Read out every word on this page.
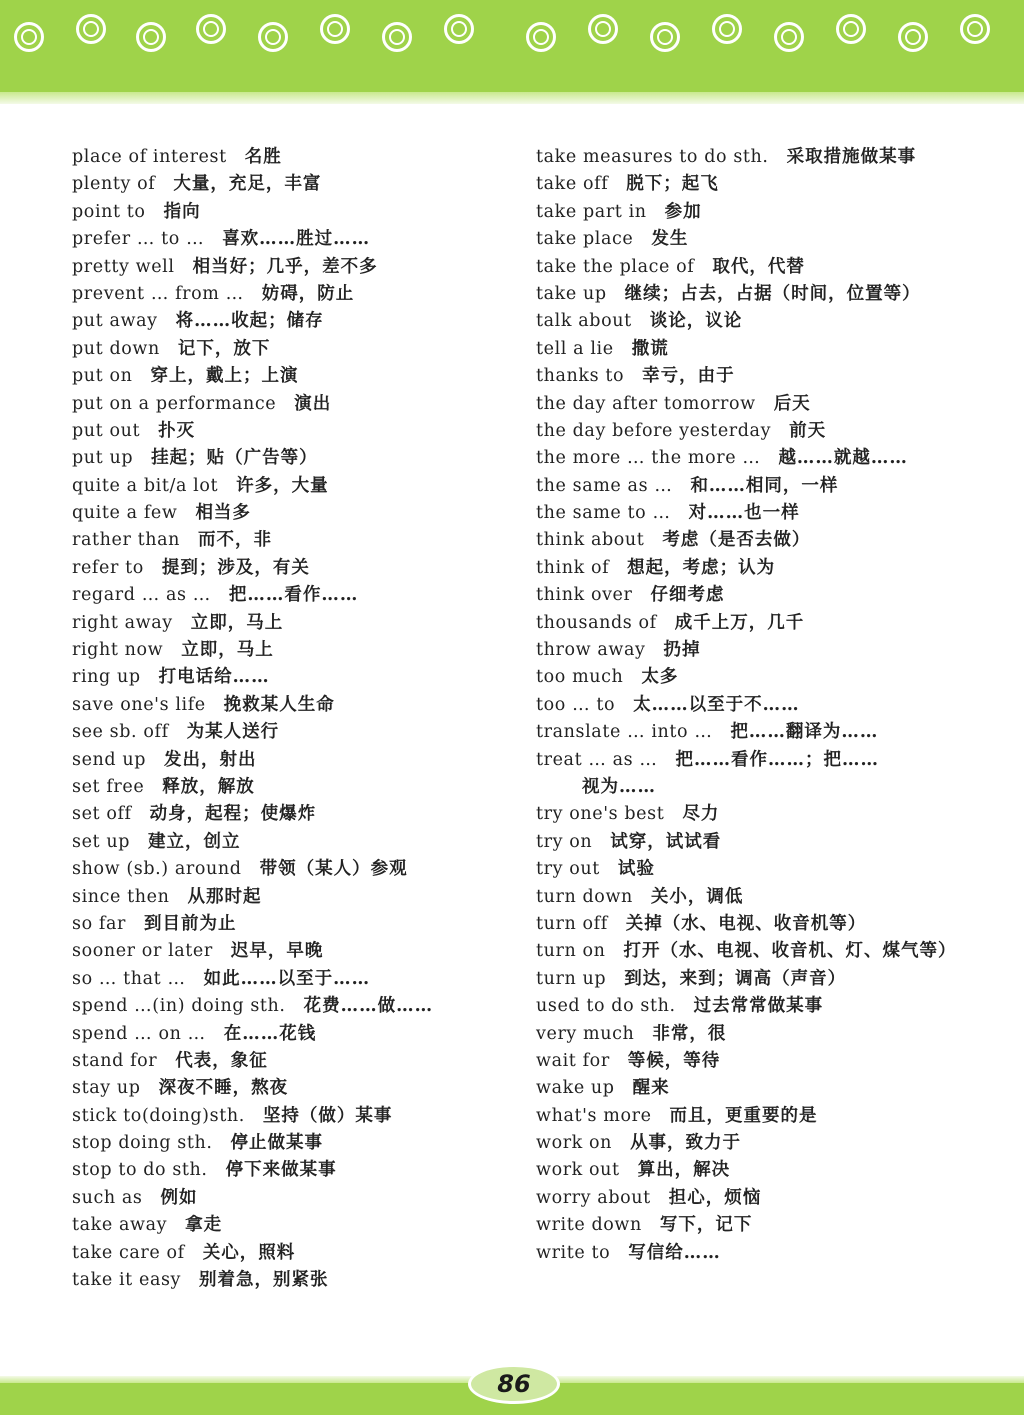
place of interest 名胜
plenty of 大量，充足，丰富
point to 指向
prefer … to … 喜欢……胜过……
pretty well 相当好；几乎，差不多
prevent … from … 妨碍，防止
put away 将……收起；储存
put down 记下，放下
put on 穿上，戴上；上演
put on a performance 演出
put out 扑灭
put up 挂起；贴（广告等）
quite a bit/a lot 许多，大量
quite a few 相当多
rather than 而不，非
refer to 提到；涉及，有关
regard … as … 把……看作……
right away 立即，马上
right now 立即，马上
ring up 打电话给……
save one's life 挽救某人生命
see sb. off 为某人送行
send up 发出，射出
set free 释放，解放
set off 动身，起程；使爆炸
set up 建立，创立
show (sb.) around 带领（某人）参观
since then 从那时起
so far 到目前为止
sooner or later 迟早，早晚
so … that … 如此……以至于……
spend …(in) doing sth. 花费……做……
spend … on … 在……花钱
stand for 代表，象征
stay up 深夜不睡，熬夜
stick to(doing)sth. 坚持（做）某事
stop doing sth. 停止做某事
stop to do sth. 停下来做某事
such as 例如
take away 拿走
take care of 关心，照料
take it easy 别着急，别紧张
take measures to do sth. 采取措施做某事
take off 脱下；起飞
take part in 参加
take place 发生
take the place of 取代，代替
take up 继续；占去，占据（时间，位置等）
talk about 谈论，议论
tell a lie 撒谎
thanks to 幸亏，由于
the day after tomorrow 后天
the day before yesterday 前天
the more … the more … 越……就越……
the same as … 和……相同，一样
the same to … 对……也一样
think about 考虑（是否去做）
think of 想起，考虑；认为
think over 仔细考虑
thousands of 成千上万，几千
throw away 扔掉
too much 太多
too … to 太……以至于不……
translate … into … 把……翻译为……
treat … as … 把……看作……；把……
视为……
try one's best 尽力
try on 试穿，试试看
try out 试验
turn down 关小，调低
turn off 关掉（水、电视、收音机等）
turn on 打开（水、电视、收音机、灯、煤气等）
turn up 到达，来到；调高（声音）
used to do sth. 过去常常做某事
very much 非常，很
wait for 等候，等待
wake up 醒来
what's more 而且，更重要的是
work on 从事，致力于
work out 算出，解决
worry about 担心，烦恼
write down 写下，记下
write to 写信给……
86
